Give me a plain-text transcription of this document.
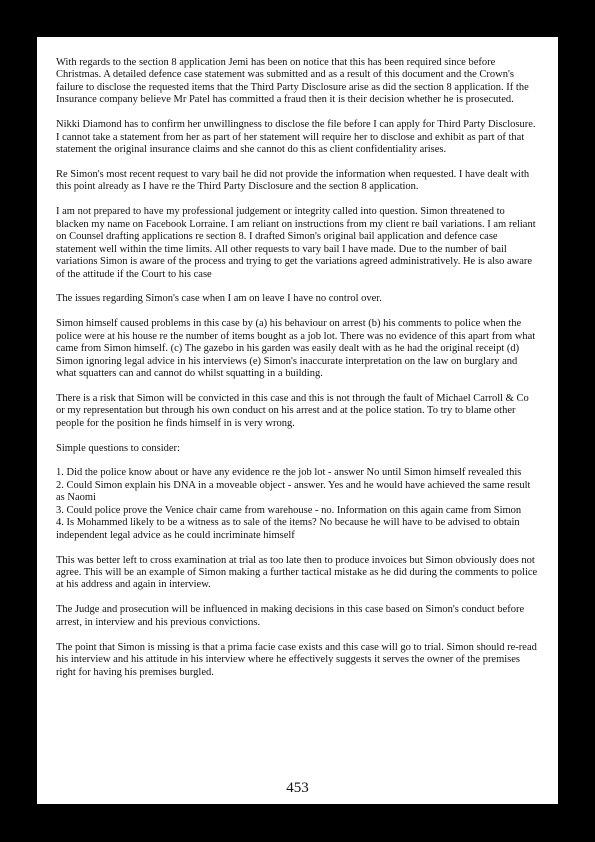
With regards to the section 8 application Jemi has been on notice that this has been required since before Christmas. A detailed defence case statement was submitted and as a result of this document and the Crown's failure to disclose the requested items that the Third Party Disclosure arise as did the section 8 application. If the Insurance company believe Mr Patel has committed a fraud then it is their decision whether he is prosecuted.

Nikki Diamond has to confirm her unwillingness to disclose the file before I can apply for Third Party Disclosure. I cannot take a statement from her as part of her statement will require her to disclose and exhibit as part of that statement the original insurance claims and she cannot do this as client confidentiality arises.

Re Simon's most recent request to vary bail he did not provide the information when requested. I have dealt with this point already as I have re the Third Party Disclosure and the section 8 application.

I am not prepared to have my professional judgement or integrity called into question. Simon threatened to blacken my name on Facebook Lorraine. I am reliant on instructions from my client re bail variations. I am reliant on Counsel drafting applications re section 8. I drafted Simon's original bail application and defence case statement well within the time limits. All other requests to vary bail I have made. Due to the number of bail variations Simon is aware of the process and trying to get the variations agreed administratively. He is also aware of the attitude if the Court to his case

The issues regarding Simon's case when I am on leave I have no control over.

Simon himself caused problems in this case by (a) his behaviour on arrest (b) his comments to police when the police were at his house re the number of items bought as a job lot. There was no evidence of this apart from what came from Simon himself. (c) The gazebo in his garden was easily dealt with as he had the original receipt (d) Simon ignoring legal advice in his interviews (e) Simon's inaccurate interpretation on the law on burglary and what squatters can and cannot do whilst squatting in a building.

There is a risk that Simon will be convicted in this case and this is not through the fault of Michael Carroll & Co or my representation but through his own conduct on his arrest and at the police station. To try to blame other people for the position he finds himself in is very wrong.

Simple questions to consider:

1. Did the police know about or have any evidence re the job lot - answer No until Simon himself revealed this

2. Could Simon explain his DNA in a moveable object - answer. Yes and he would have achieved the same result as Naomi

3. Could police prove the Venice chair came from warehouse - no. Information on this again came from Simon

4. Is Mohammed likely to be a witness as to sale of the items? No because he will have to be advised to obtain independent legal advice as he could incriminate himself

This was better left to cross examination at trial as too late then to produce invoices but Simon obviously does not agree. This will be an example of Simon making a further tactical mistake as he did during the comments to police at his address and again in interview.

The Judge and prosecution will be influenced in making decisions in this case based on Simon's conduct before arrest, in interview and his previous convictions.

The point that Simon is missing is that a prima facie case exists and this case will go to trial. Simon should re-read his interview and his attitude in his interview where he effectively suggests it serves the owner of the premises right for having his premises burgled.

453
